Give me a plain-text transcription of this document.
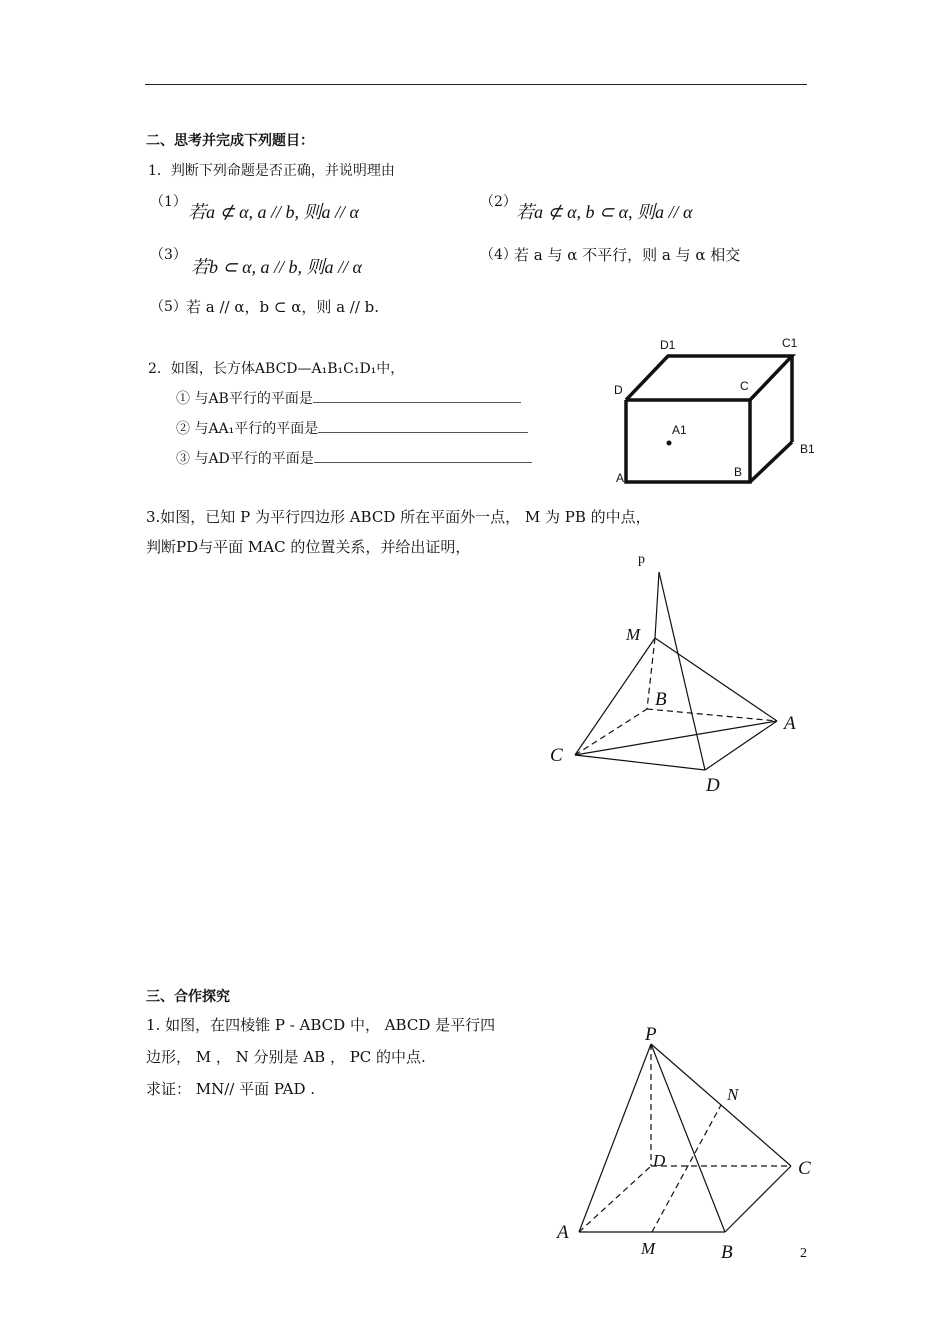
二、思考并完成下列题目：
1．判断下列命题是否正确，并说明理由
（1） 若a ⊄ α, a // b, 则a // α	（2） 若a ⊄ α, b ⊂ α, 则a // α
（3）
若b ⊂ α, a // b, 则a // α
（4）
若 a 与 α 不平行，则 a 与 α 相交
（5） 若 a // α，b ⊂ α，则 a // b.
2．如图，长方体ABCD—A₁B₁C₁D₁中，
① 与AB平行的平面是
② 与AA₁平行的平面是
③ 与AD平行的平面是
D1	C1
D	C
A1
B1
A	B
3.如图，已知 P 为平行四边形 ABCD 所在平面外一点， M 为 PB 的中点，
判断PD与平面 MAC 的位置关系，并给出证明，
p
M
B
A
C
D
三、合作探究
1. 如图，在四棱锥 P - ABCD 中， ABCD 是平行四
边形， M ， N 分别是 AB ， PC 的中点.
求证： MN// 平面 PAD .
P
N
D	C
A
M	B	2
